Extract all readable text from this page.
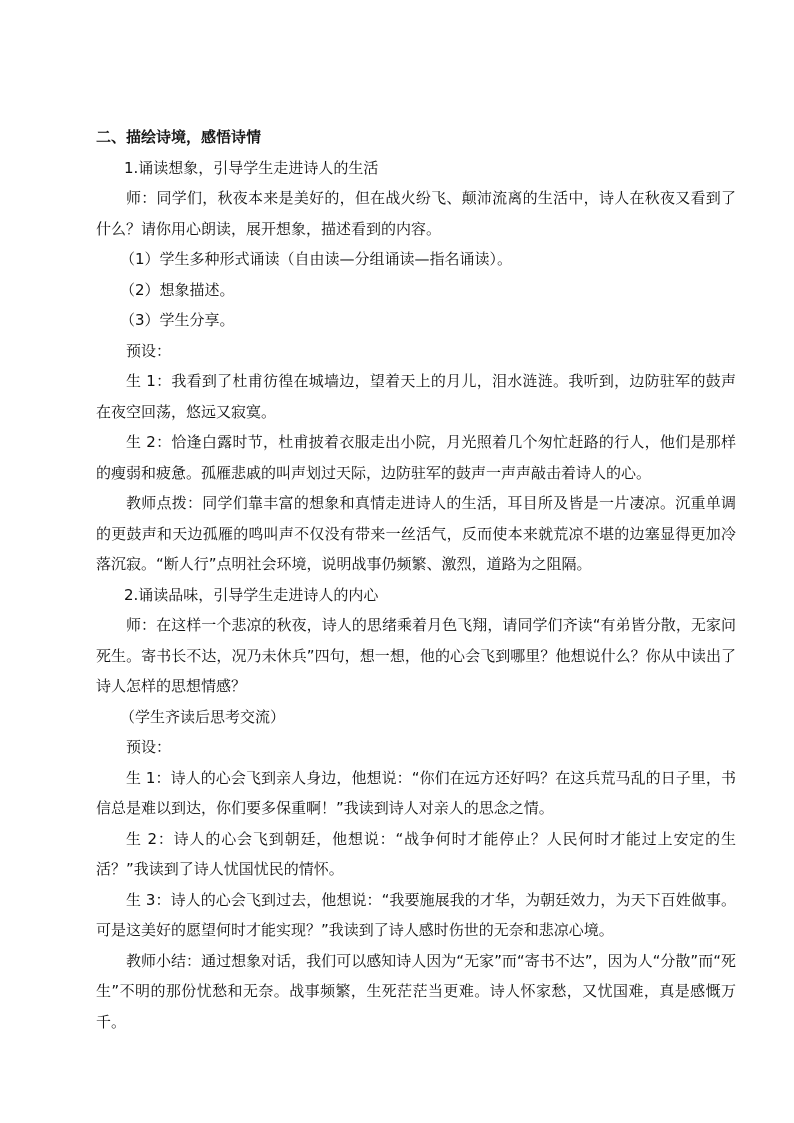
二、描绘诗境，感悟诗情

1.诵读想象，引导学生走进诗人的生活

师：同学们，秋夜本来是美好的，但在战火纷飞、颠沛流离的生活中，诗人在秋夜又看到了什么？请你用心朗读，展开想象，描述看到的内容。

（1）学生多种形式诵读（自由读—分组诵读—指名诵读）。

（2）想象描述。

（3）学生分享。

预设：

生 1：我看到了杜甫彷徨在城墙边，望着天上的月儿，泪水涟涟。我听到，边防驻军的鼓声在夜空回荡，悠远又寂寞。

生 2：恰逢白露时节，杜甫披着衣服走出小院，月光照着几个匆忙赶路的行人，他们是那样的瘦弱和疲惫。孤雁悲戚的叫声划过天际，边防驻军的鼓声一声声敲击着诗人的心。

教师点拨：同学们靠丰富的想象和真情走进诗人的生活，耳目所及皆是一片凄凉。沉重单调的更鼓声和天边孤雁的鸣叫声不仅没有带来一丝活气，反而使本来就荒凉不堪的边塞显得更加冷落沉寂。“断人行”点明社会环境，说明战事仍频繁、激烈，道路为之阻隔。

2.诵读品味，引导学生走进诗人的内心

师：在这样一个悲凉的秋夜，诗人的思绪乘着月色飞翔，请同学们齐读“有弟皆分散，无家问死生。寄书长不达，况乃未休兵”四句，想一想，他的心会飞到哪里？他想说什么？你从中读出了诗人怎样的思想情感？

（学生齐读后思考交流）

预设：

生 1：诗人的心会飞到亲人身边，他想说：“你们在远方还好吗？在这兵荒马乱的日子里，书信总是难以到达，你们要多保重啊！”我读到诗人对亲人的思念之情。

生 2：诗人的心会飞到朝廷，他想说：“战争何时才能停止？人民何时才能过上安定的生活？”我读到了诗人忧国忧民的情怀。

生 3：诗人的心会飞到过去，他想说：“我要施展我的才华，为朝廷效力，为天下百姓做事。可是这美好的愿望何时才能实现？”我读到了诗人感时伤世的无奈和悲凉心境。

教师小结：通过想象对话，我们可以感知诗人因为“无家”而“寄书不达”，因为人“分散”而“死生”不明的那份忧愁和无奈。战事频繁，生死茫茫当更难。诗人怀家愁，又忧国难，真是感慨万千。
